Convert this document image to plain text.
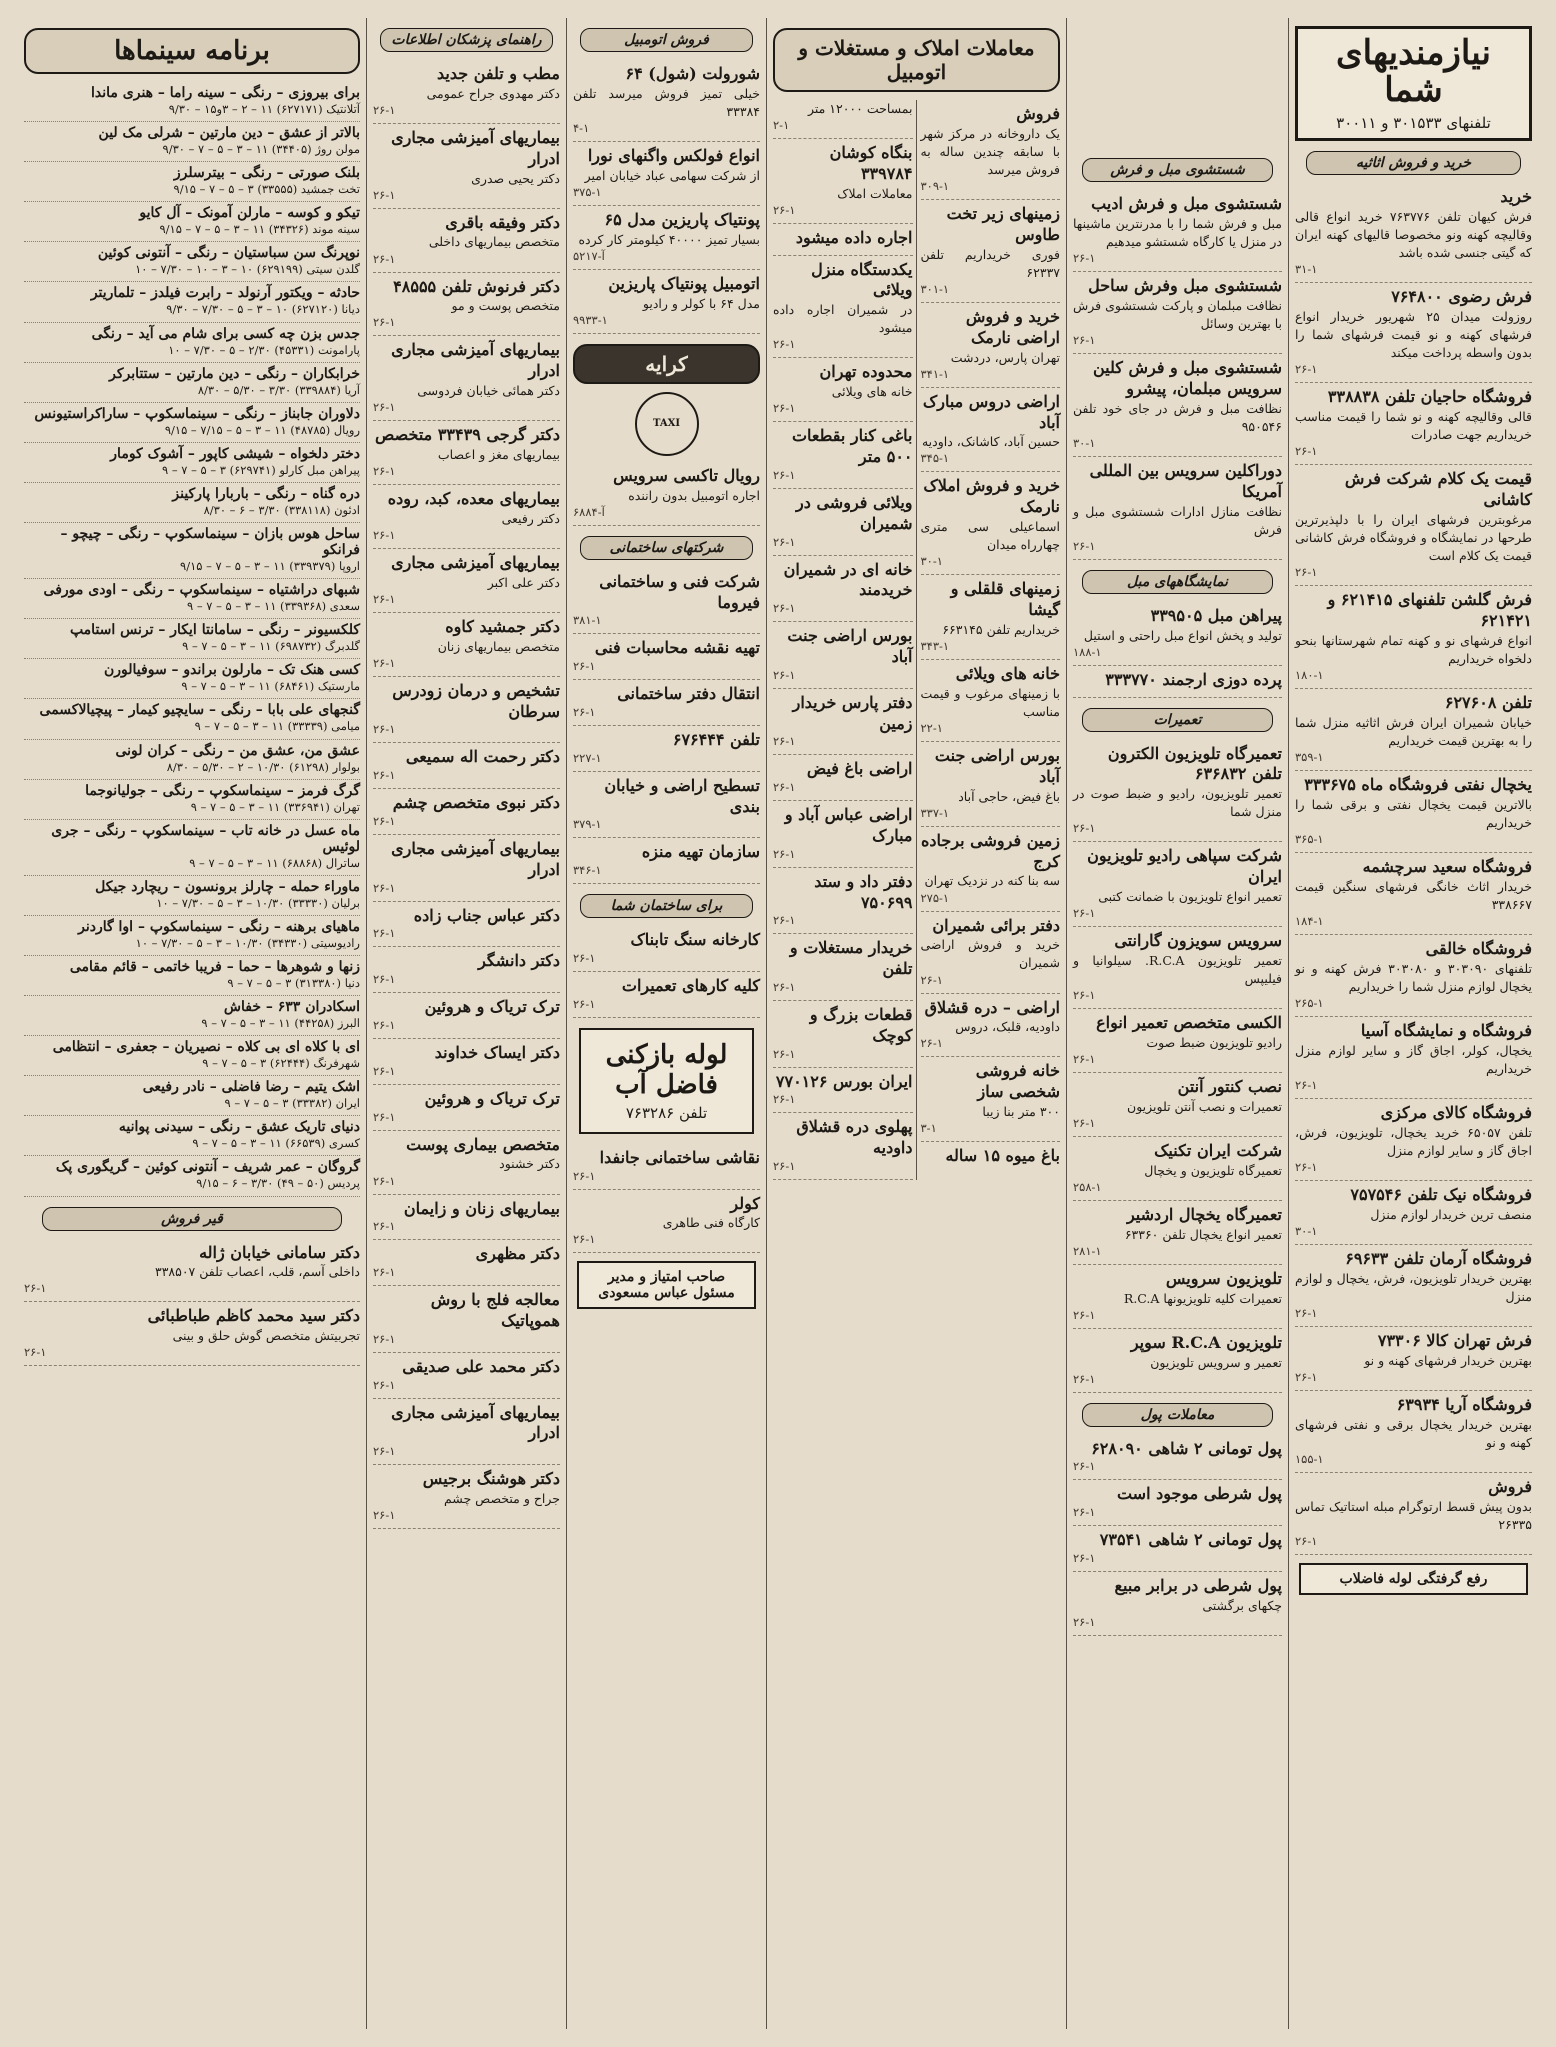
نیازمندیهای شما
تلفنهای ۳۰۱۵۳۳ و ۳۰۰۱۱
خرید و فروش اثاثیه
خرید
فرش کیهان تلفن ۷۶۳۷۷۶ خرید انواع قالی وقالیچه کهنه ونو مخصوصا قالیهای کهنه ایران که گیتی جنسی شده باشد
۳۱-۱
فرش رضوی ۷۶۴۸۰۰
روزولت میدان ۲۵ شهریور خریدار انواع فرشهای کهنه و نو قیمت فرشهای شما را بدون واسطه پرداخت میکند
۲۶-۱
فروشگاه حاجیان تلفن ۳۳۸۸۳۸
قالی وقالیچه کهنه و نو شما را قیمت مناسب خریداریم جهت صادرات
۲۶-۱
قیمت یک کلام شرکت فرش کاشانی
مرغوبترین فرشهای ایران را با دلپذیرترین طرحها در نمایشگاه و فروشگاه فرش کاشانی قیمت یک کلام است
۲۶-۱
فرش گلشن تلفنهای ۶۲۱۴۱۵ و ۶۲۱۴۲۱
انواع فرشهای نو و کهنه تمام شهرستانها بنحو دلخواه خریداریم
۱۸۰-۱
تلفن ۶۲۷۶۰۸
خیابان شمیران ایران فرش اثاثیه منزل شما را به بهترین قیمت خریداریم
۳۵۹-۱
یخچال نفتی فروشگاه ماه ۳۳۳۶۷۵
بالاترین قیمت یخچال نفتی و برقی شما را خریداریم
۳۶۵-۱
فروشگاه سعید سرچشمه
خریدار اثاث خانگی فرشهای سنگین قیمت ۳۳۸۶۶۷
۱۸۴-۱
فروشگاه خالقی
تلفنهای ۳۰۳۰۹۰ و ۳۰۳۰۸۰ فرش کهنه و نو یخچال لوازم منزل شما را خریداریم
۲۶۵-۱
فروشگاه و نمایشگاه آسیا
یخچال، کولر، اجاق گاز و سایر لوازم منزل خریداریم
۲۶-۱
فروشگاه کالای مرکزی
تلفن ۶۵۰۵۷ خرید یخچال، تلویزیون، فرش، اجاق گاز و سایر لوازم منزل
۲۶-۱
فروشگاه نیک تلفن ۷۵۷۵۴۶
منصف ترین خریدار لوازم منزل
۳۰-۱
فروشگاه آرمان تلفن ۶۹۶۳۳
بهترین خریدار تلویزیون، فرش، یخچال و لوازم منزل
۲۶-۱
فرش تهران کالا ۷۳۳۰۶
بهترین خریدار فرشهای کهنه و نو
۲۶-۱
فروشگاه آریا ۶۳۹۳۴
بهترین خریدار یخچال برقی و نفتی فرشهای کهنه و نو
۱۵۵-۱
فروش
بدون پیش قسط ارتوگرام مبله استاتیک تماس ۲۶۳۳۵
۲۶-۱
رفع گرفتگی لوله فاضلاب
شستشوی مبل و فرش
شستشوی مبل و فرش ادیب
مبل و فرش شما را با مدرنترین ماشینها در منزل یا کارگاه شستشو میدهیم
۲۶-۱
شستشوی مبل وفرش ساحل
نظافت مبلمان و پارکت شستشوی فرش با بهترین وسائل
۲۶-۱
شستشوی مبل و فرش کلین سرویس مبلمان، پیشرو
نظافت مبل و فرش در جای خود تلفن ۹۵۰۵۴۶
۳۰-۱
دوراکلین سرویس بین المللی آمریکا
نظافت منازل ادارات شستشوی مبل و فرش
۲۶-۱
نمایشگاههای مبل
پیراهن مبل ۳۳۹۵۰۵
تولید و پخش انواع مبل راحتی و استیل
۱۸۸-۱
پرده دوزی ارجمند ۳۳۳۷۷۰
تعمیرات
تعمیرگاه تلویزیون الکترون تلفن ۶۳۶۸۳۲
تعمیر تلویزیون، رادیو و ضبط صوت در منزل شما
۲۶-۱
شرکت سپاهی رادیو تلویزیون ایران
تعمیر انواع تلویزیون با ضمانت کتبی
۲۶-۱
سرویس سویزون گارانتی
تعمیر تلویزیون R.C.A. سیلوانیا و فیلیپس
۲۶-۱
الکسی متخصص تعمیر انواع
رادیو تلویزیون ضبط صوت
۲۶-۱
نصب کنتور آنتن
تعمیرات و نصب آنتن تلویزیون
۲۶-۱
شرکت ایران تکنیک
تعمیرگاه تلویزیون و یخچال
۲۵۸-۱
تعمیرگاه یخچال اردشیر
تعمیر انواع یخچال تلفن ۶۳۳۶۰
۲۸۱-۱
تلویزیون سرویس
تعمیرات کلیه تلویزیونها R.C.A
۲۶-۱
تلویزیون R.C.A سوپر
تعمیر و سرویس تلویزیون
۲۶-۱
معاملات پول
پول تومانی ۲ شاهی ۶۲۸۰۹۰
۲۶-۱
پول شرطی موجود است
۲۶-۱
پول تومانی ۲ شاهی ۷۳۵۴۱
۲۶-۱
پول شرطی در برابر مبیع
چکهای برگشتی
۲۶-۱
معاملات املاک و مستغلات و اتومبیل
فروش
یک داروخانه در مرکز شهر با سابقه چندین ساله به فروش میرسد
۳۰۹-۱
زمینهای زیر تخت طاوس
فوری خریداریم تلفن ۶۲۳۳۷
۳۰۱-۱
خرید و فروش اراضی نارمک
تهران پارس، دردشت
۳۴۱-۱
اراضی دروس مبارک آباد
حسین آباد، کاشانک، داودیه
۳۴۵-۱
خرید و فروش املاک نارمک
اسماعیلی سی متری چهارراه میدان
۳۰-۱
زمینهای قلقلی و گیشا
خریداریم تلفن ۶۶۳۱۴۵
۳۴۳-۱
خانه های ویلائی
با زمینهای مرغوب و قیمت مناسب
۲۲-۱
بورس اراضی جنت آباد
باغ فیض، حاجی آباد
۳۳۷-۱
زمین فروشی برجاده کرج
سه بنا کنه در نزدیک تهران
۲۷۵-۱
دفتر برائی شمیران
خرید و فروش اراضی شمیران
۲۶-۱
اراضی – دره قشلاق
داودیه، قلبک، دروس
۲۶-۱
خانه فروشی شخصی ساز
۳۰۰ متر بنا زیبا
۳-۱
باغ میوه ۱۵ ساله
بمساحت ۱۲۰۰۰ متر
۲-۱
بنگاه کوشان ۳۳۹۷۸۴
معاملات املاک
۲۶-۱
اجاره داده میشود
یکدستگاه منزل ویلائی
در شمیران اجاره داده میشود
۲۶-۱
محدوده تهران
خانه های ویلائی
۲۶-۱
باغی کنار بقطعات ۵۰۰ متر
۲۶-۱
ویلائی فروشی در شمیران
۲۶-۱
خانه ای در شمیران خریدمند
۲۶-۱
بورس اراضی جنت آباد
۲۶-۱
دفتر پارس خریدار زمین
۲۶-۱
اراضی باغ فیض
۲۶-۱
اراضی عباس آباد و مبارک
۲۶-۱
دفتر داد و ستد ۷۵۰۶۹۹
۲۶-۱
خریدار مستغلات و تلفن
۲۶-۱
قطعات بزرگ و کوچک
۲۶-۱
ایران بورس ۷۷۰۱۲۶
۲۶-۱
پهلوی دره قشلاق داودیه
۲۶-۱
فروش اتومبیل
شورولت (شول) ۶۴
خیلی تمیز فروش میرسد تلفن ۳۳۳۸۴
۴-۱
انواع فولکس واگنهای نورا
از شرکت سهامی عباد خیابان امیر
۳۷۵-۱
پونتیاک پاریزین مدل ۶۵
بسیار تمیز ۴۰۰۰۰ کیلومتر کار کرده
۵۲۱۷-آ
اتومبیل پونتیاک پاریزین
مدل ۶۴ با کولر و رادیو
۹۹۳۳-۱
کرایه
TAXI
رویال تاکسی سرویس
اجاره اتومبیل بدون راننده
۶۸۸۴-آ
شرکتهای ساختمانی
شرکت فنی و ساختمانی فیروما
۳۸۱-۱
تهیه نقشه محاسبات فنی
۲۶-۱
انتقال دفتر ساختمانی
۲۶-۱
تلفن ۶۷۶۴۴۴
۲۲۷-۱
تسطیح اراضی و خیابان بندی
۳۷۹-۱
سازمان تهیه منزه
۳۴۶-۱
برای ساختمان شما
کارخانه سنگ تابناک
۲۶-۱
کلیه کارهای تعمیرات
۲۶-۱
لوله بازکنی فاضل آب
تلفن ۷۶۳۲۸۶
نقاشی ساختمانی جانفدا
۲۶-۱
کولر
کارگاه فنی طاهری
۲۶-۱
صاحب امتیاز و مدیر مسئول عباس مسعودی
راهنمای پزشکان اطلاعات
مطب و تلفن جدید
دکتر مهدوی جراح عمومی
۲۶-۱
بیماریهای آمیزشی مجاری ادرار
دکتر یحیی صدری
۲۶-۱
دکتر وفیقه باقری
متخصص بیماریهای داخلی
۲۶-۱
دکتر فرنوش تلفن ۴۸۵۵۵
متخصص پوست و مو
۲۶-۱
بیماریهای آمیزشی مجاری ادرار
دکتر همائی خیابان فردوسی
۲۶-۱
دکتر گرجی ۳۳۴۳۹ متخصص
بیماریهای مغز و اعصاب
۲۶-۱
بیماریهای معده، کبد، روده
دکتر رفیعی
۲۶-۱
بیماریهای آمیزشی مجاری
دکتر علی اکبر
۲۶-۱
دکتر جمشید کاوه
متخصص بیماریهای زنان
۲۶-۱
تشخیص و درمان زودرس سرطان
۲۶-۱
دکتر رحمت اله سمیعی
۲۶-۱
دکتر نبوی متخصص چشم
۲۶-۱
بیماریهای آمیزشی مجاری ادرار
۲۶-۱
دکتر عباس جناب زاده
۲۶-۱
دکتر دانشگر
۲۶-۱
ترک تریاک و هروئین
۲۶-۱
دکتر ایساک خداوند
۲۶-۱
ترک تریاک و هروئین
۲۶-۱
متخصص بیماری پوست
دکتر خشنود
۲۶-۱
بیماریهای زنان و زایمان
۲۶-۱
دکتر مظهری
۲۶-۱
معالجه فلج با روش هموپاتیک
۲۶-۱
دکتر محمد علی صدیقی
۲۶-۱
بیماریهای آمیزشی مجاری ادرار
۲۶-۱
دکتر هوشنگ برجیس
جراح و متخصص چشم
۲۶-۱
برنامه سینماها
برای بیروزی – رنگی – سینه راما – هنری ماندا
آتلانتیک (۶۲۷۱۷۱) ۱۱ – ۲ – ۳و۱۵ – ۹/۳۰
بالاتر از عشق – دین مارتین – شرلی مک لین
مولن روژ (۳۴۴۰۵) ۱۱ – ۳ – ۵ – ۷ – ۹/۳۰
بلنک صورتی – رنگی – بیترسلرز
تخت جمشید (۳۳۵۵۵) ۳ – ۵ – ۷ – ۹/۱۵
تیکو و کوسه – مارلن آمونک – آل کایو
سینه موند (۳۴۳۲۶) ۱۱ – ۳ – ۵ – ۷ – ۹/۱۵
نوپرنگ سن سباستیان – رنگی – آنتونی کوئین
گلدن سیتی (۶۲۹۱۹۹) ۱۰ – ۳ – ۱۰ – ۷/۳۰ – ۱۰
حادثه – ویکتور آرنولد – رابرت فیلدز – تلماریتر
دیانا (۶۲۷۱۲۰) ۱۰ – ۳ – ۵ – ۷/۳۰ – ۹/۳۰
جدس بزن چه کسی برای شام می آید – رنگی
پارامونت (۴۵۳۳۱) ۲/۳۰ – ۵ – ۷/۳۰ – ۱۰
خرابکاران – رنگی – دین مارتین – ستتابرکر
آریا (۳۳۹۸۸۴) ۳/۳۰ – ۵/۳۰ – ۸/۳۰
دلاوران جابناز – رنگی – سینماسکوپ – ساراکراستیونس
رویال (۴۸۷۸۵) ۱۱ – ۳ – ۵ – ۷/۱۵ – ۹/۱۵
دختر دلخواه – شیشی کاپور – آشوک کومار
پیراهن مبل کارلو (۶۲۹۷۴۱) ۳ – ۵ – ۷ – ۹
دره گناه – رنگی – باربارا پارکینز
ادئون (۳۳۸۱۱۸) ۳/۳۰ – ۶ – ۸/۳۰
ساحل هوس بازان – سینماسکوپ – رنگی – چیچو – فرانکو
اروپا (۳۳۹۳۷۹) ۱۱ – ۳ – ۵ – ۷ – ۹/۱۵
شبهای دراشتیاه – سینماسکوپ – رنگی – اودی مورفی
سعدی (۳۳۹۳۶۸) ۱۱ – ۳ – ۵ – ۷ – ۹
کلکسیونر – رنگی – سامانتا ایکار – ترنس استامپ
گلدبرگ (۶۹۸۷۳۲) ۱۱ – ۳ – ۵ – ۷ – ۹
کسی هنک تک – مارلون براندو – سوفیالورن
مارستیک (۶۸۴۶۱) ۱۱ – ۳ – ۵ – ۷ – ۹
گنجهای علی بابا – رنگی – سایچیو کیمار – پیچیالاکسمی
میامی (۳۳۳۳۹) ۱۱ – ۳ – ۵ – ۷ – ۹
عشق من، عشق من – رنگی – کران لونی
بولوار (۶۱۲۹۸) ۱۰/۳۰ – ۲ – ۵/۳۰ – ۸/۳۰
گرگ فرمز – سینماسکوپ – رنگی – جولیانوجما
تهران (۳۳۶۹۴۱) ۱۱ – ۳ – ۵ – ۷ – ۹
ماه عسل در خانه تاب – سینماسکوپ – رنگی – جری لوئیس
ساترال (۶۸۸۶۸) ۱۱ – ۳ – ۵ – ۷ – ۹
ماوراء حمله – چارلز برونسون – ریچارد جیکل
برلیان (۳۳۳۳۰) ۱۰/۳۰ – ۳ – ۵ – ۷/۳۰ – ۱۰
ماهیای برهنه – رنگی – سینماسکوپ – اوا گاردنر
رادیوسیتی (۳۴۳۳۰) ۱۰/۳۰ – ۳ – ۵ – ۷/۳۰ – ۱۰
زنها و شوهرها – حما – فریبا خاتمی – قائم مقامی
دنیا (۳۱۳۳۸۰) ۳ – ۵ – ۷ – ۹
اسکادران ۶۳۳ – خفاش
البرز (۴۴۲۵۸) ۱۱ – ۳ – ۵ – ۷ – ۹
ای با کلاه ای بی کلاه – نصیریان – جعفری – انتظامی
شهرفرنگ (۶۲۴۴۴) ۳ – ۵ – ۷ – ۹
اشک یتیم – رضا فاضلی – نادر رفیعی
ایران (۳۳۳۸۲) ۳ – ۵ – ۷ – ۹
دنیای تاریک عشق – رنگی – سیدنی پوانیه
کسری (۶۶۵۳۹) ۱۱ – ۳ – ۵ – ۷ – ۹
گروگان – عمر شریف – آنتونی کوئین – گریگوری پک
پردیس (۵۰ – ۴۹) ۳/۳۰ – ۶ – ۹/۱۵
قیر فروش
دکتر سامانی خیابان ژاله
داخلی آسم، قلب، اعصاب تلفن ۳۳۸۵۰۷
۲۶-۱
دکتر سید محمد کاظم طباطبائی
تجربیتش متخصص گوش حلق و بینی
۲۶-۱
